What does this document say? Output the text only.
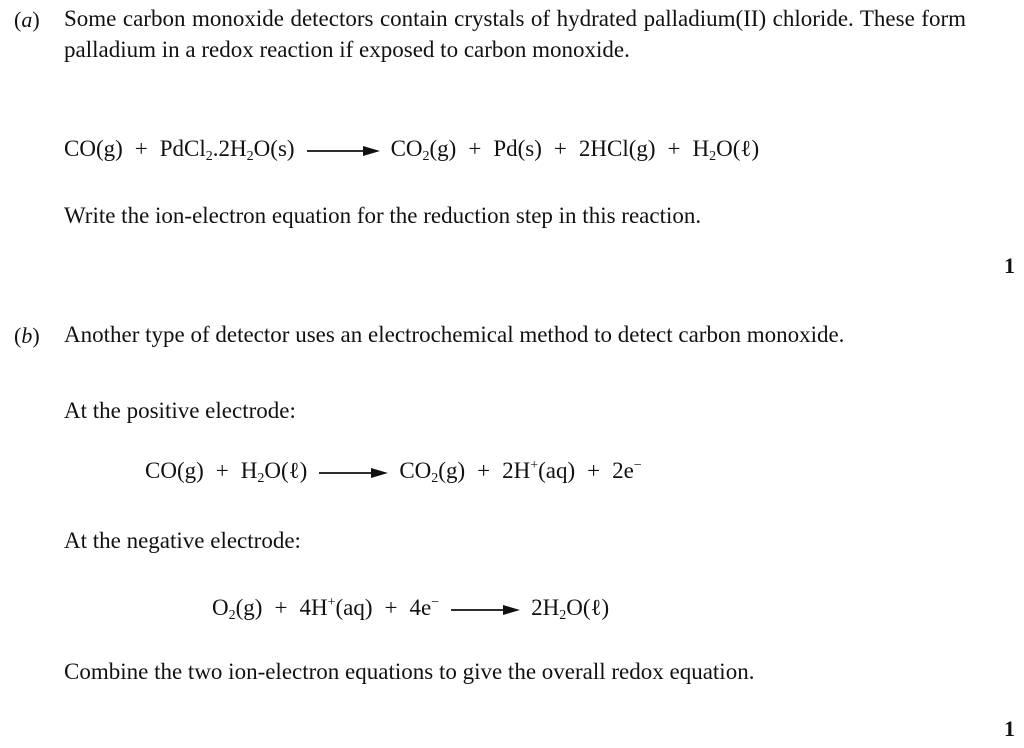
(a) Some carbon monoxide detectors contain crystals of hydrated palladium(II) chloride. These form palladium in a redox reaction if exposed to carbon monoxide.
$CO(g) + PdCl_2.2H_2O(s) \to CO_2(g) + Pd(s) + 2HCl(g)$ + $H_2O(\ell)$
Write the ion-electron equation for the reduction step in this reaction.
1
(b) Another type of detector uses an electrochemical method to detect carbon monoxide.
At the positive electrode:
$CO(g) + H_2O(\ell) \to CO_2(g) + 2H^+(aq) + 2e^-$
At the negative electrode:
$O_2(g) + 4H^+(aq) + 4e^-$ → $2H_2O(\ell)$
Combine the two ion-electron equations to give the overall redox equation.
1
